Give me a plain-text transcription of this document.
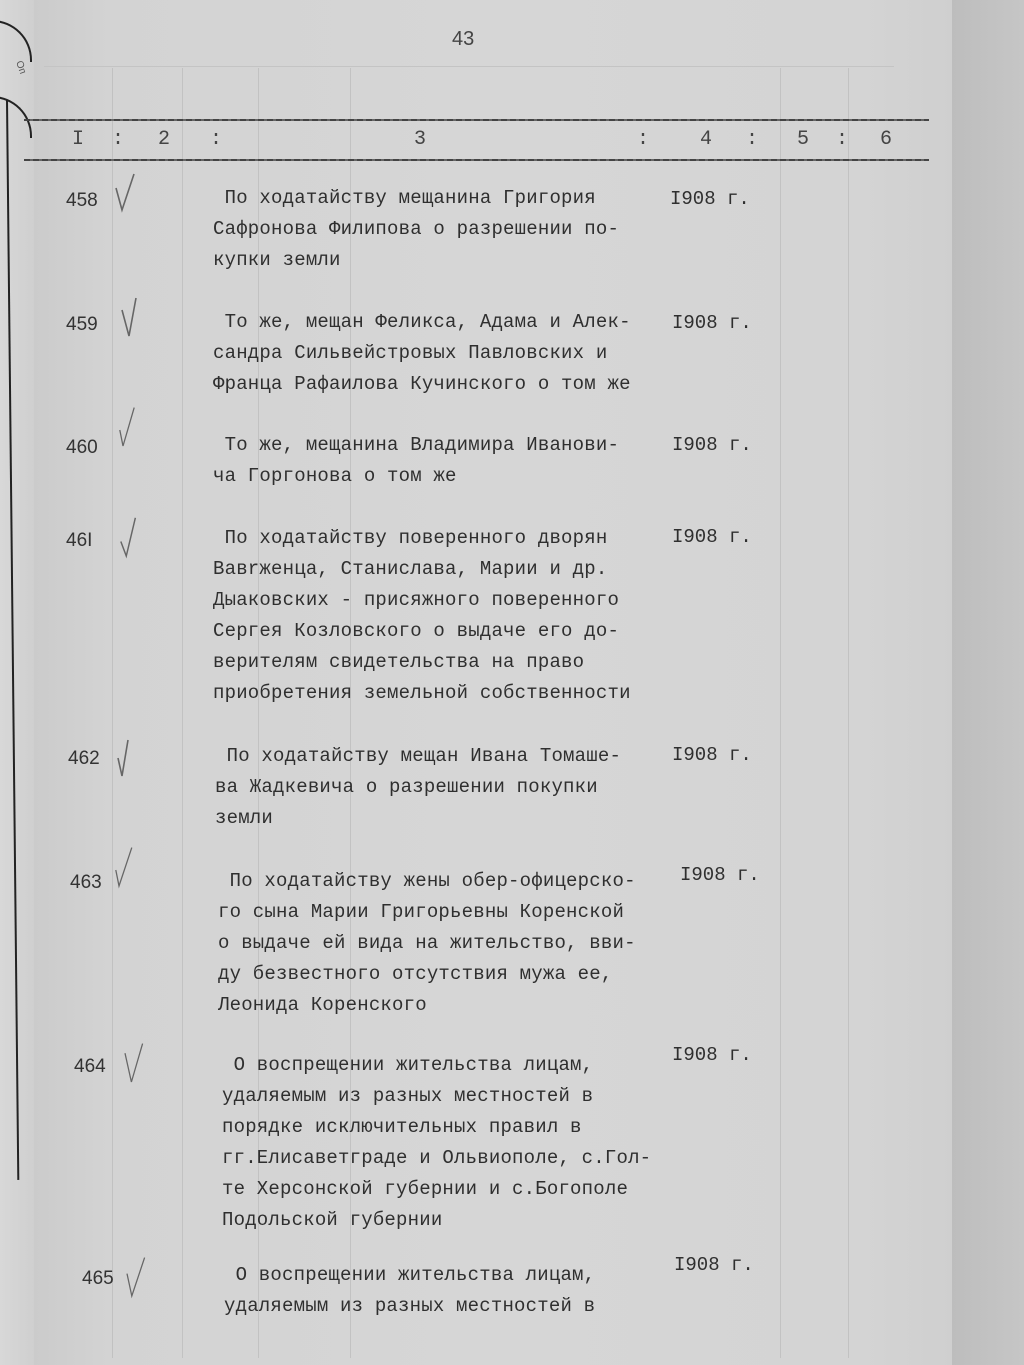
Оп
43
I : 2 :	3	:	4 : 5 : 6
458	По ходатайству мещанина Григория
Сафронова Филипова о разрешении по-
купки земли
I908 г.
459	То же, мещан Феликса, Адама и Алек-
сандра Сильвейстровых Павловских и
Франца Рафаилова Кучинского о том же
I908 г.
460	То же, мещанина Владимира Иванови-
ча Горгонова о том же
I908 г.
46I	По ходатайству поверенного дворян
Вавrженца, Станислава, Марии и др.
Дыаковских - присяжного поверенного
Сергея Козловского о выдаче его до-
верителям свидетельства на право
приобретения земельной собственности
I908 г.
462	По ходатайству мещан Ивана Томаше-
ва Жадкевича о разрешении покупки
земли
I908 г.
463	По ходатайству жены обер-офицерско-
го сына Марии Григорьевны Коренской
о выдаче ей вида на жительство, вви-
ду безвестного отсутствия мужа ее,
Леонида Коренского
I908 г.
464	О воспрещении жительства лицам,
удаляемым из разных местностей в
порядке исключительных правил в
гг.Елисаветграде и Ольвиополе, с.Гол-
те Херсонской губернии и с.Богополе
Подольской губернии
I908 г.
465	О воспрещении жительства лицам,
удаляемым из разных местностей в
I908 г.
